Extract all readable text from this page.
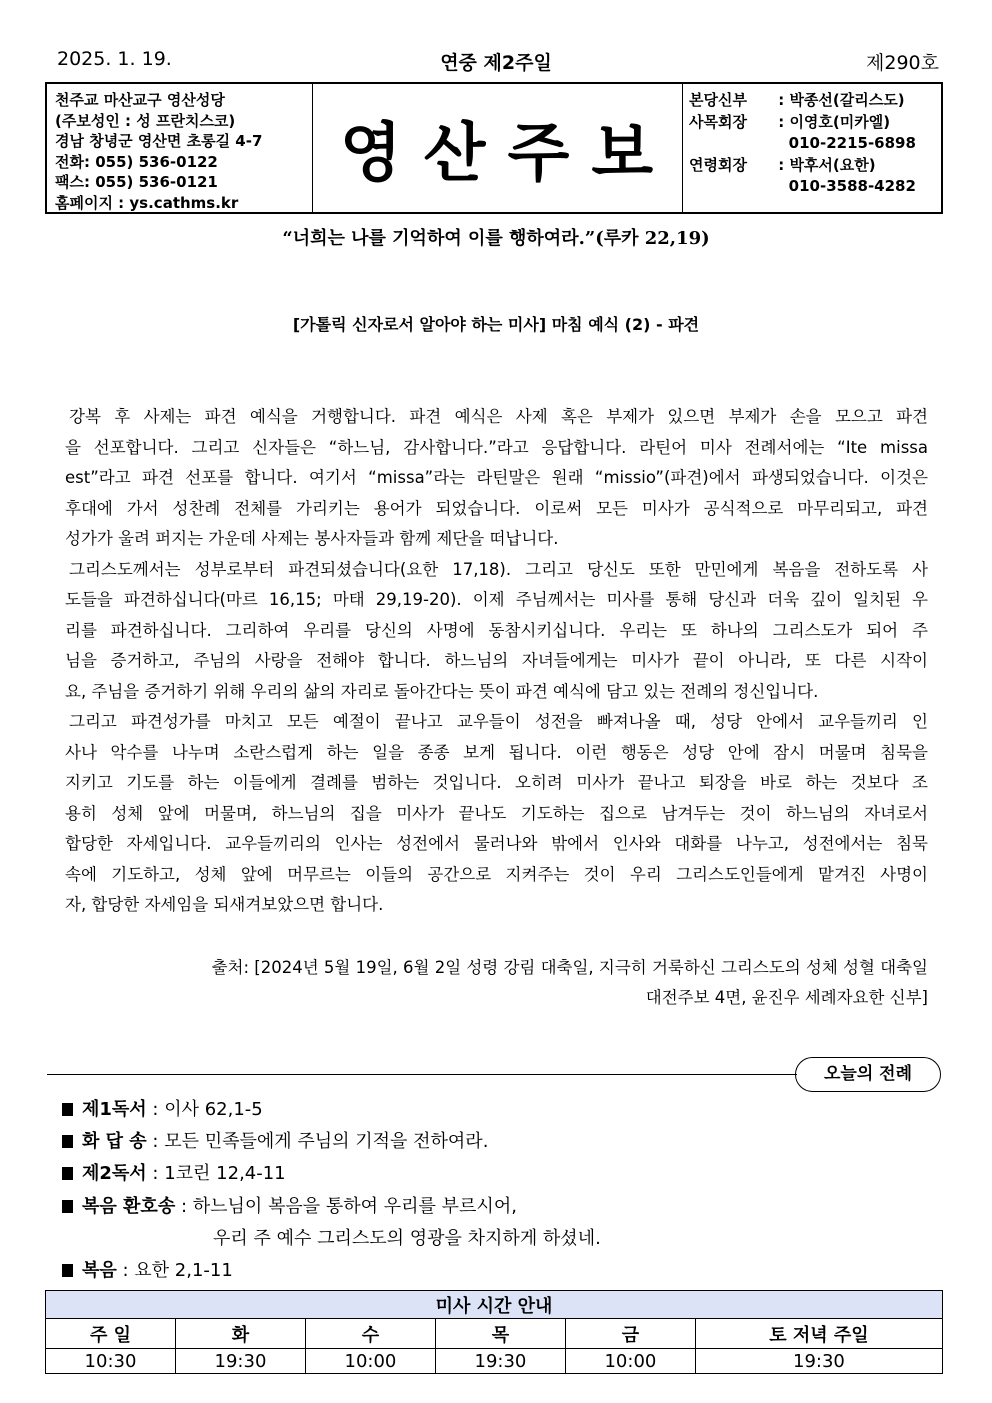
2025. 1. 19.	연중 제2주일	제290호
천주교 마산교구 영산성당
(주보성인 : 성 프란치스코)
경남 창녕군 영산면 초롱길 4-7
전화: 055) 536-0122
팩스: 055) 536-0121
홈페이지 : ys.cathms.kr
영산주보
본당신부	: 박종선(갈리스도)
사목회장	: 이영호(미카엘)
010-2215-6898
연령회장	: 박후서(요한)
010-3588-4282
“너희는 나를 기억하여 이를 행하여라.”(루카 22,19)
[가톨릭 신자로서 알아야 하는 미사] 마침 예식 (2) - 파견
강복 후 사제는 파견 예식을 거행합니다. 파견 예식은 사제 혹은 부제가 있으면 부제가 손을 모으고 파견
을 선포합니다. 그리고 신자들은 “하느님, 감사합니다.”라고 응답합니다. 라틴어 미사 전례서에는 “Ite missa
est”라고 파견 선포를 합니다. 여기서 “missa”라는 라틴말은 원래 “missio”(파견)에서 파생되었습니다. 이것은
후대에 가서 성찬례 전체를 가리키는 용어가 되었습니다. 이로써 모든 미사가 공식적으로 마무리되고, 파견
성가가 울려 퍼지는 가운데 사제는 봉사자들과 함께 제단을 떠납니다.
그리스도께서는 성부로부터 파견되셨습니다(요한 17,18). 그리고 당신도 또한 만민에게 복음을 전하도록 사
도들을 파견하십니다(마르 16,15; 마태 29,19-20). 이제 주님께서는 미사를 통해 당신과 더욱 깊이 일치된 우
리를 파견하십니다. 그리하여 우리를 당신의 사명에 동참시키십니다. 우리는 또 하나의 그리스도가 되어 주
님을 증거하고, 주님의 사랑을 전해야 합니다. 하느님의 자녀들에게는 미사가 끝이 아니라, 또 다른 시작이
요, 주님을 증거하기 위해 우리의 삶의 자리로 돌아간다는 뜻이 파견 예식에 담고 있는 전례의 정신입니다.
그리고 파견성가를 마치고 모든 예절이 끝나고 교우들이 성전을 빠져나올 때, 성당 안에서 교우들끼리 인
사나 악수를 나누며 소란스럽게 하는 일을 종종 보게 됩니다. 이런 행동은 성당 안에 잠시 머물며 침묵을
지키고 기도를 하는 이들에게 결례를 범하는 것입니다. 오히려 미사가 끝나고 퇴장을 바로 하는 것보다 조
용히 성체 앞에 머물며, 하느님의 집을 미사가 끝나도 기도하는 집으로 남겨두는 것이 하느님의 자녀로서
합당한 자세입니다. 교우들끼리의 인사는 성전에서 물러나와 밖에서 인사와 대화를 나누고, 성전에서는 침묵
속에 기도하고, 성체 앞에 머무르는 이들의 공간으로 지켜주는 것이 우리 그리스도인들에게 맡겨진 사명이
자, 합당한 자세임을 되새겨보았으면 합니다.
출처: [2024년 5월 19일, 6월 2일 성령 강림 대축일, 지극히 거룩하신 그리스도의 성체 성혈 대축일
대전주보 4면, 윤진우 세례자요한 신부]
오늘의 전례
제1독서 : 이사 62,1-5
화 답 송 : 모든 민족들에게 주님의 기적을 전하여라.
제2독서 : 1코린 12,4-11
복음 환호송 : 하느님이 복음을 통하여 우리를 부르시어,
우리 주 예수 그리스도의 영광을 차지하게 하셨네.
복음 : 요한 2,1-11
미사 시간 안내					
주 일	화	수	목	금	토 저녁 주일
10:30	19:30	10:00	19:30	10:00	19:30
